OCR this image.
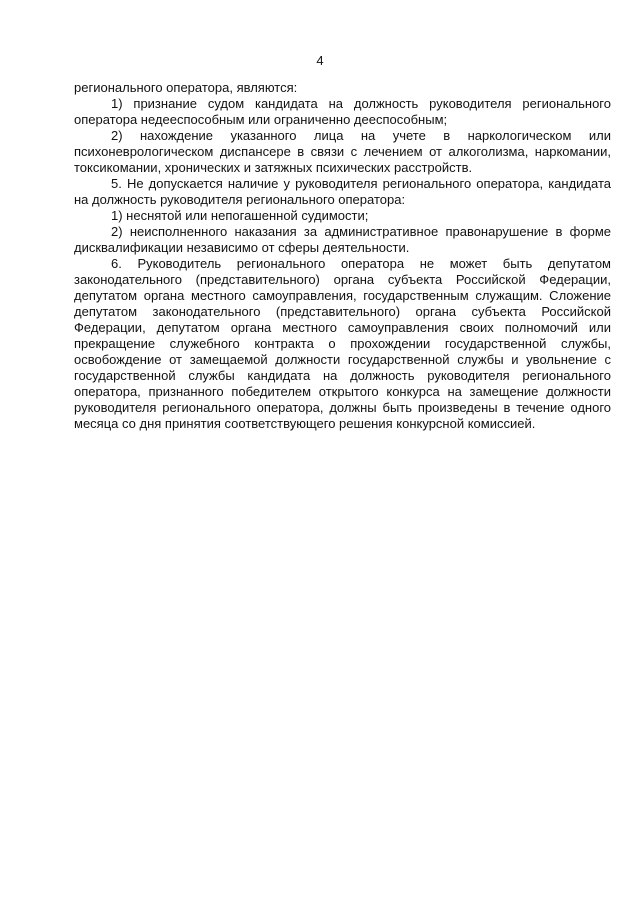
4

регионального оператора, являются:

1) признание судом кандидата на должность руководителя регионального оператора недееспособным или ограниченно дееспособным;

2) нахождение указанного лица на учете в наркологическом или психоневрологическом диспансере в связи с лечением от алкоголизма, наркомании, токсикомании, хронических и затяжных психических расстройств.

5. Не допускается наличие у руководителя регионального оператора, кандидата на должность руководителя регионального оператора:

1) неснятой или непогашенной судимости;

2) неисполненного наказания за административное правонарушение в форме дисквалификации независимо от сферы деятельности.

6. Руководитель регионального оператора не может быть депутатом законодательного (представительного) органа субъекта Российской Федерации, депутатом органа местного самоуправления, государственным служащим. Сложение депутатом законодательного (представительного) органа субъекта Российской Федерации, депутатом органа местного самоуправления своих полномочий или прекращение служебного контракта о прохождении государственной службы, освобождение от замещаемой должности государственной службы и увольнение с государственной службы кандидата на должность руководителя регионального оператора, признанного победителем открытого конкурса на замещение должности руководителя регионального оператора, должны быть произведены в течение одного месяца со дня принятия соответствующего решения конкурсной комиссией.
